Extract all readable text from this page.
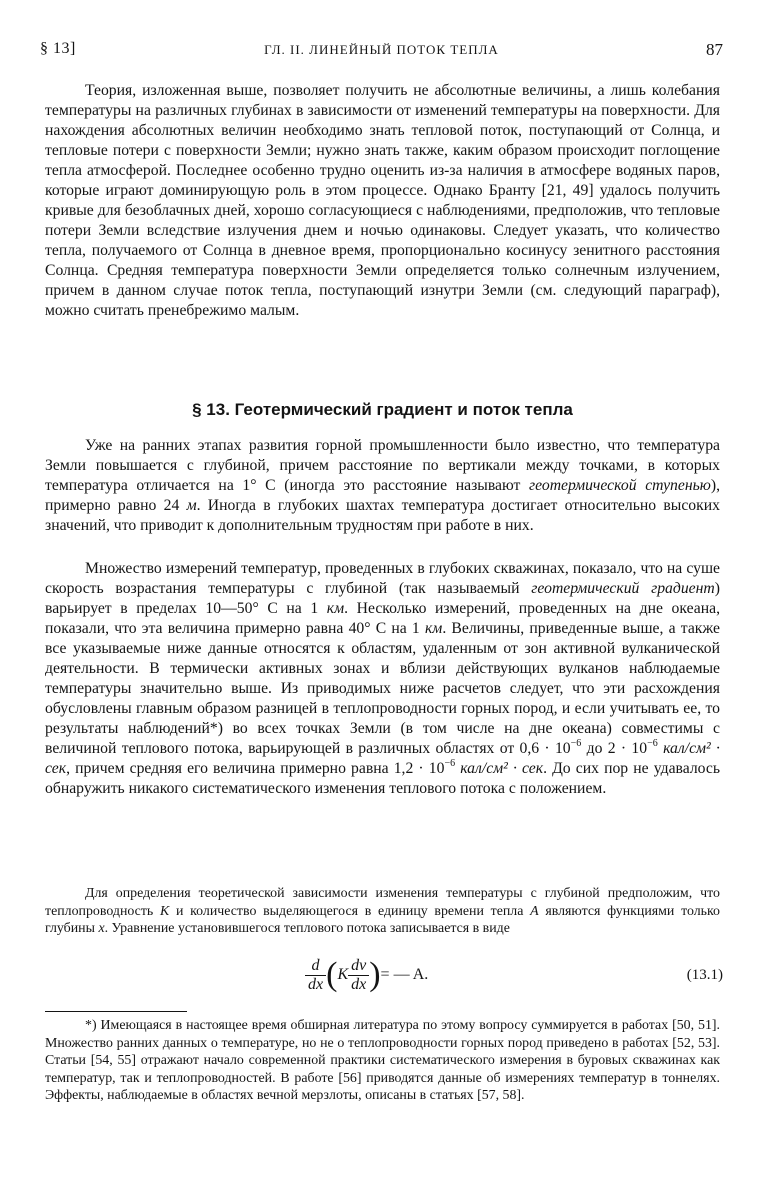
§ 13]	ГЛ. II. ЛИНЕЙНЫЙ ПОТОК ТЕПЛА	87

Теория, изложенная выше, позволяет получить не абсолютные величины, а лишь колебания температуры на различных глубинах в зависимости от изменений температуры на поверхности. Для нахождения абсолютных величин необходимо знать тепловой поток, поступающий от Солнца, и тепловые потери с поверхности Земли; нужно знать также, каким образом происходит поглощение тепла атмосферой. Последнее особенно трудно оценить из-за наличия в атмосфере водяных паров, которые играют доминирующую роль в этом процессе. Однако Бранту [21, 49] удалось получить кривые для безоблачных дней, хорошо согласующиеся с наблюдениями, предположив, что тепловые потери Земли вследствие излучения днем и ночью одинаковы. Следует указать, что количество тепла, получаемого от Солнца в дневное время, пропорционально косинусу зенитного расстояния Солнца. Средняя температура поверхности Земли определяется только солнечным излучением, причем в данном случае поток тепла, поступающий изнутри Земли (см. следующий параграф), можно считать пренебрежимо малым.

§ 13. Геотермический градиент и поток тепла

Уже на ранних этапах развития горной промышленности было известно, что температура Земли повышается с глубиной, причем расстояние по вертикали между точками, в которых температура отличается на 1° C (иногда это расстояние называют геотермической ступенью), примерно равно 24 м. Иногда в глубоких шахтах температура достигает относительно высоких значений, что приводит к дополнительным трудностям при работе в них.

Множество измерений температур, проведенных в глубоких скважинах, показало, что на суше скорость возрастания температуры с глубиной (так называемый геотермический градиент) варьирует в пределах 10—50° C на 1 км. Несколько измерений, проведенных на дне океана, показали, что эта величина примерно равна 40° C на 1 км. Величины, приведенные выше, а также все указываемые ниже данные относятся к областям, удаленным от зон активной вулканической деятельности. В термически активных зонах и вблизи действующих вулканов наблюдаемые температуры значительно выше. Из приводимых ниже расчетов следует, что эти расхождения обусловлены главным образом разницей в теплопроводности горных пород, и если учитывать ее, то результаты наблюдений*) во всех точках Земли (в том числе на дне океана) совместимы с величиной теплового потока, варьирующей в различных областях от $0,6 \cdot 10^{-6}$ до $2 \cdot 10^{-6}$ кал/см² · сек, причем средняя его величина примерно равна $1,2 \cdot 10^{-6}$ кал/см² · сек. До сих пор не удавалось обнаружить никакого систематического изменения теплового потока с положением.

Для определения теоретической зависимости изменения температуры с глубиной предположим, что теплопроводность K и количество выделяющегося в единицу времени тепла A являются функциями только глубины x. Уравнение установившегося теплового потока записывается в виде

$\frac{d}{dx} (K \frac{dv}{dx}$ )= — A.	(13.1)

*) Имеющаяся в настоящее время обширная литература по этому вопросу суммируется в работах [50, 51]. Множество ранних данных о температуре, но не о теплопроводности горных пород приведено в работах [52, 53]. Статьи [54, 55] отражают начало современной практики систематического измерения в буровых скважинах как температур, так и теплопроводностей. В работе [56] приводятся данные об измерениях температур в тоннелях. Эффекты, наблюдаемые в областях вечной мерзлоты, описаны в статьях [57, 58].
